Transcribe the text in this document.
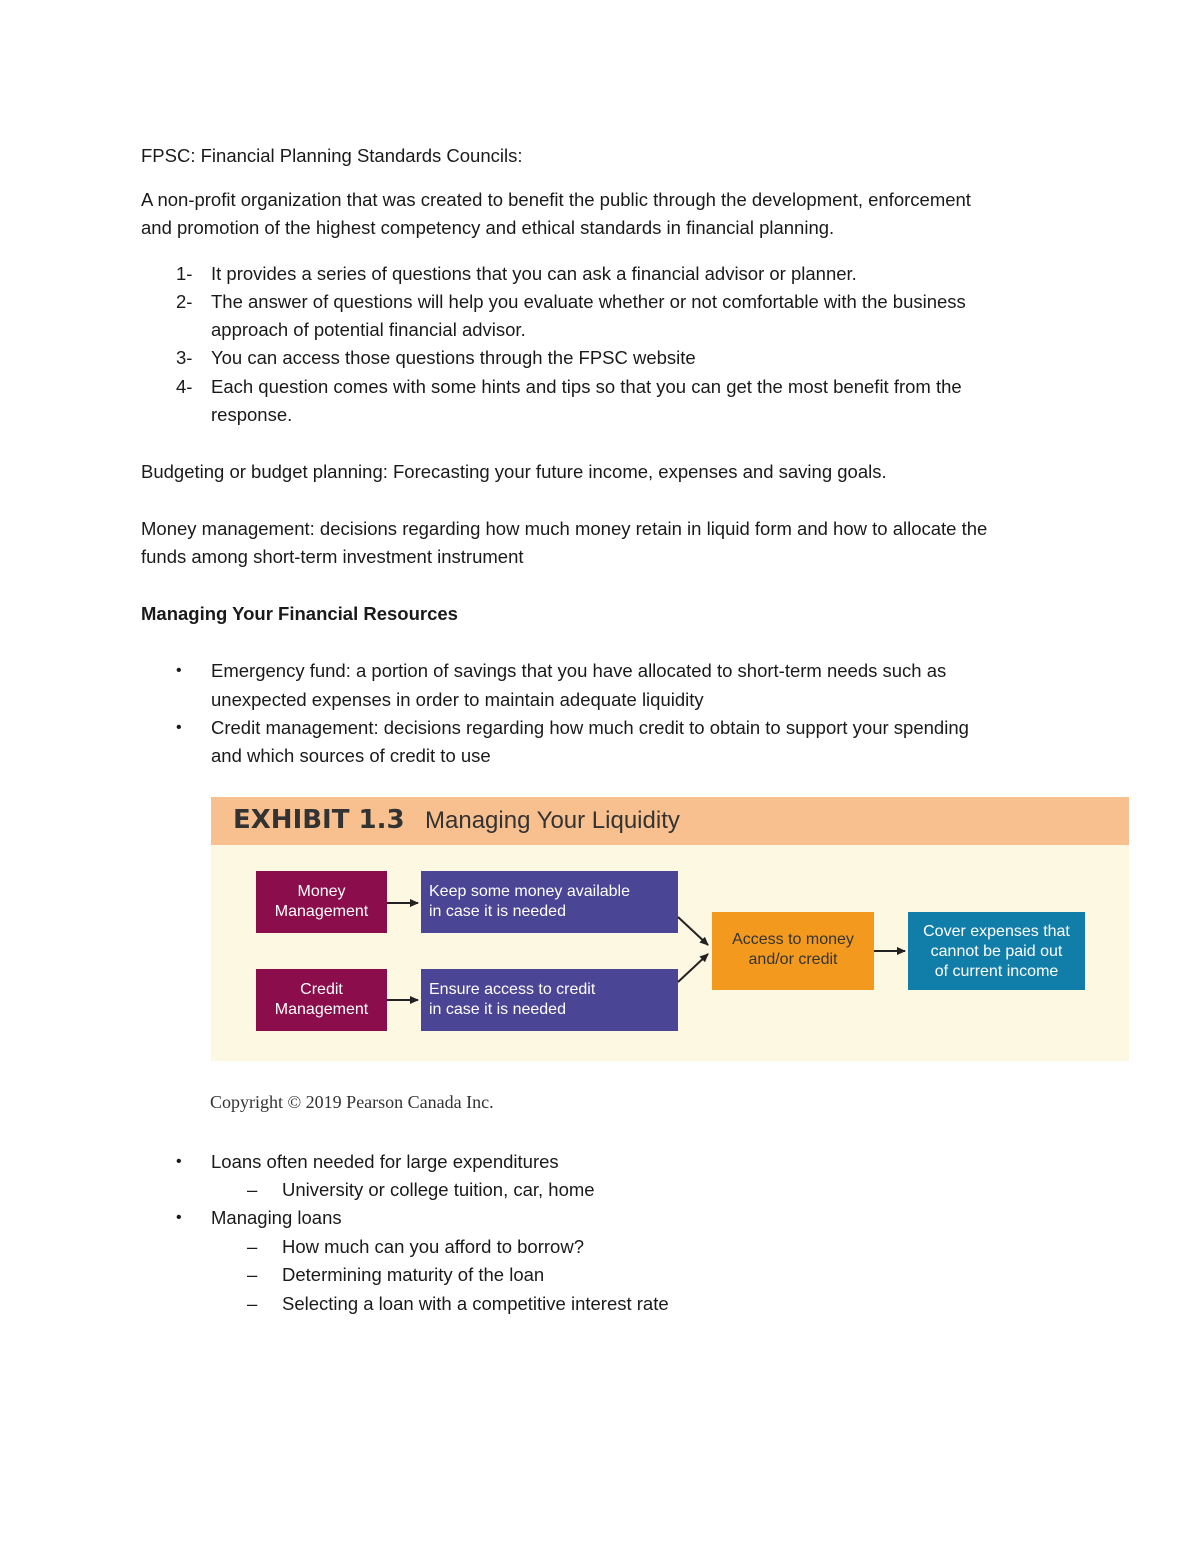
FPSC: Financial Planning Standards Councils:
A non-profit organization that was created to benefit the public through the development, enforcement
and promotion of the highest competency and ethical standards in financial planning.
1- It provides a series of questions that you can ask a financial advisor or planner.
2- The answer of questions will help you evaluate whether or not comfortable with the business
approach of potential financial advisor.
3- You can access those questions through the FPSC website
4- Each question comes with some hints and tips so that you can get the most benefit from the
response.
Budgeting or budget planning: Forecasting your future income, expenses and saving goals.
Money management: decisions regarding how much money retain in liquid form and how to allocate the
funds among short-term investment instrument
Managing Your Financial Resources
• Emergency fund: a portion of savings that you have allocated to short-term needs such as
unexpected expenses in order to maintain adequate liquidity
• Credit management: decisions regarding how much credit to obtain to support your spending
and which sources of credit to use
EXHIBIT 1.3 Managing Your Liquidity
Money
Management
Credit
Management
Keep some money available
in case it is needed
Ensure access to credit
in case it is needed
Access to money
and/or credit
Cover expenses that
cannot be paid out
of current income
Copyright © 2019 Pearson Canada Inc.
• Loans often needed for large expenditures
– University or college tuition, car, home
• Managing loans
– How much can you afford to borrow?
– Determining maturity of the loan
– Selecting a loan with a competitive interest rate
